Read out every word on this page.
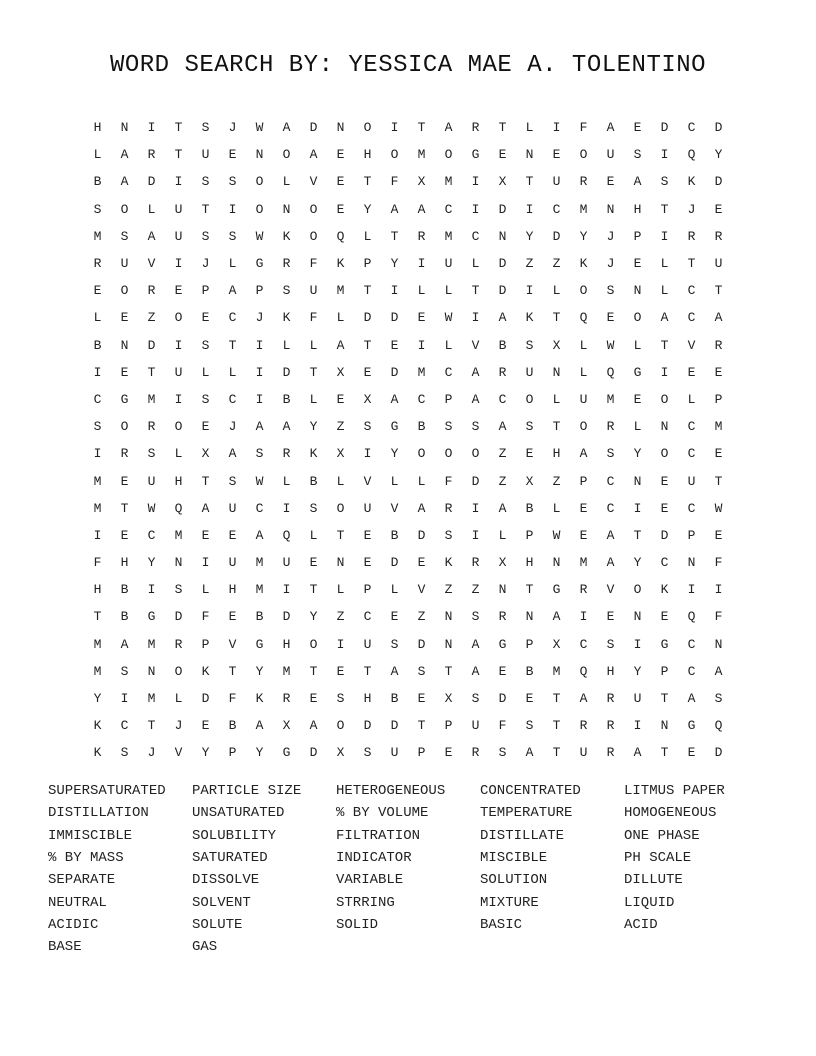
WORD SEARCH BY: YESSICA MAE A. TOLENTINO
H	N	I	T	S	J	W	A	D	N	O	I	T	A	R	T	L	I	F	A	E	D	C	D
L	A	R	T	U	E	N	O	A	E	H	O	M	O	G	E	N	E	O	U	S	I	Q	Y
B	A	D	I	S	S	O	L	V	E	T	F	X	M	I	X	T	U	R	E	A	S	K	D
S	O	L	U	T	I	O	N	O	E	Y	A	A	C	I	D	I	C	M	N	H	T	J	E
M	S	A	U	S	S	W	K	O	Q	L	T	R	M	C	N	Y	D	Y	J	P	I	R	R
R	U	V	I	J	L	G	R	F	K	P	Y	I	U	L	D	Z	Z	K	J	E	L	T	U
E	O	R	E	P	A	P	S	U	M	T	I	L	L	T	D	I	L	O	S	N	L	C	T
L	E	Z	O	E	C	J	K	F	L	D	D	E	W	I	A	K	T	Q	E	O	A	C	A
B	N	D	I	S	T	I	L	L	A	T	E	I	L	V	B	S	X	L	W	L	T	V	R
I	E	T	U	L	L	I	D	T	X	E	D	M	C	A	R	U	N	L	Q	G	I	E	E
C	G	M	I	S	C	I	B	L	E	X	A	C	P	A	C	O	L	U	M	E	O	L	P
S	O	R	O	E	J	A	A	Y	Z	S	G	B	S	S	A	S	T	O	R	L	N	C	M
I	R	S	L	X	A	S	R	K	X	I	Y	O	O	O	Z	E	H	A	S	Y	O	C	E
M	E	U	H	T	S	W	L	B	L	V	L	L	F	D	Z	X	Z	P	C	N	E	U	T
M	T	W	Q	A	U	C	I	S	O	U	V	A	R	I	A	B	L	E	C	I	E	C	W
I	E	C	M	E	E	A	Q	L	T	E	B	D	S	I	L	P	W	E	A	T	D	P	E
F	H	Y	N	I	U	M	U	E	N	E	D	E	K	R	X	H	N	M	A	Y	C	N	F
H	B	I	S	L	H	M	I	T	L	P	L	V	Z	Z	N	T	G	R	V	O	K	I	I
T	B	G	D	F	E	B	D	Y	Z	C	E	Z	N	S	R	N	A	I	E	N	E	Q	F
M	A	M	R	P	V	G	H	O	I	U	S	D	N	A	G	P	X	C	S	I	G	C	N
M	S	N	O	K	T	Y	M	T	E	T	A	S	T	A	E	B	M	Q	H	Y	P	C	A
Y	I	M	L	D	F	K	R	E	S	H	B	E	X	S	D	E	T	A	R	U	T	A	S
K	C	T	J	E	B	A	X	A	O	D	D	T	P	U	F	S	T	R	R	I	N	G	Q
K	S	J	V	Y	P	Y	G	D	X	S	U	P	E	R	S	A	T	U	R	A	T	E	D
SUPERSATURATED	PARTICLE SIZE	HETEROGENEOUS	CONCENTRATED	LITMUS PAPER
DISTILLATION	UNSATURATED	% BY VOLUME	TEMPERATURE	HOMOGENEOUS
IMMISCIBLE	SOLUBILITY	FILTRATION	DISTILLATE	ONE PHASE
% BY MASS	SATURATED	INDICATOR	MISCIBLE	PH SCALE
SEPARATE	DISSOLVE	VARIABLE	SOLUTION	DILLUTE
NEUTRAL	SOLVENT	STRRING	MIXTURE	LIQUID
ACIDIC	SOLUTE	SOLID	BASIC	ACID
BASE	GAS
